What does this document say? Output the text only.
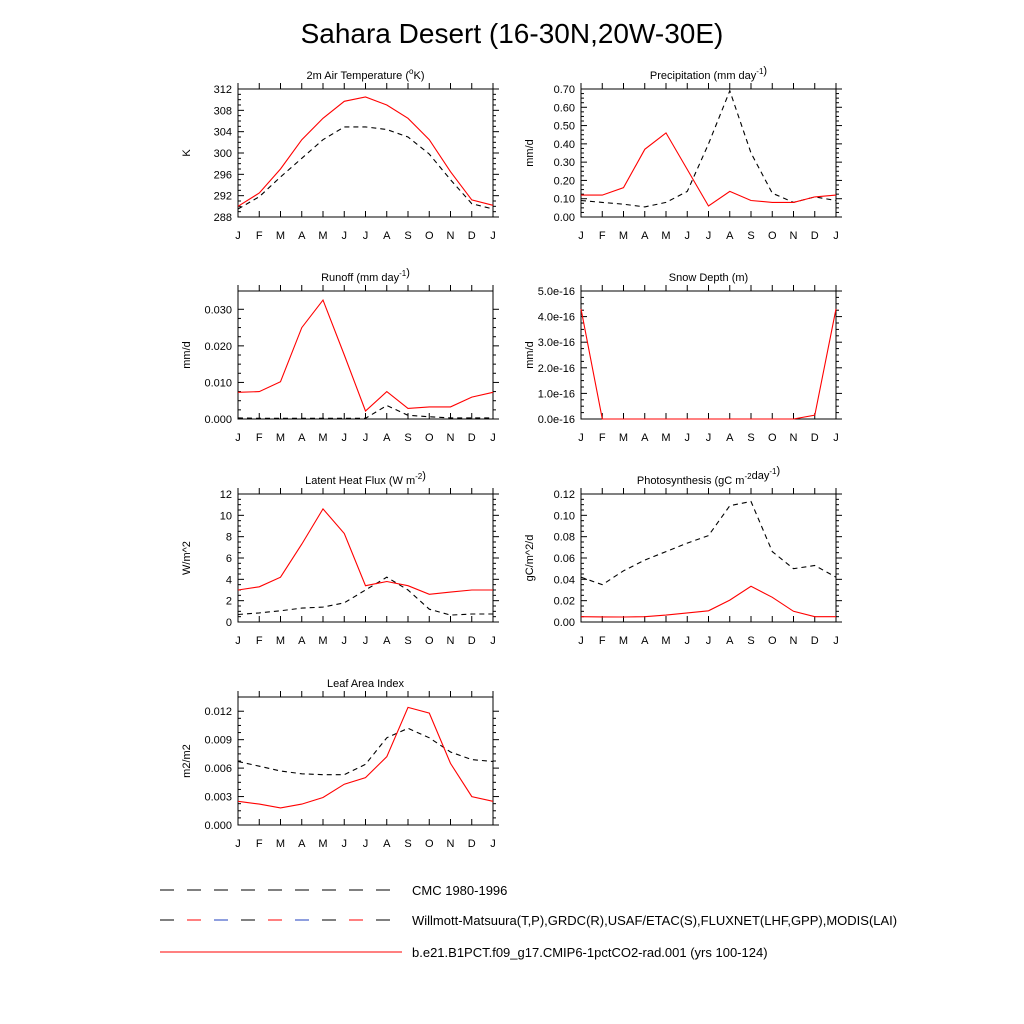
Sahara Desert (16-30N,20W-30E)
J F M A M J J A S O N D J
288
292
296
300
304
308
312
K
2m Air Temperature ($^o$K)
J F M A M J J A S O N D J
0.00
0.10
0.20
0.30
0.40
0.50
0.60
0.70
mm/d
Precipitation (mm day$^{-1}$)
J F M A M J J A S O N D J
0.000
0.010
0.020
0.030
mm/d
Runoff (mm day$^{-1}$)
J F M A M J J A S O N D J
0.0e-16
1.0e-16
2.0e-16
3.0e-16
4.0e-16
5.0e-16
mm/d
Snow Depth (m)
J F M A M J J A S O N D J
0
2
4
6
8
10
12
W/m^2
Latent Heat Flux (W $m^{-2}$)
J F M A M J J A S O N D J
0.00
0.02
0.04
0.06
0.08
0.10
0.12
gC/m^2/d
Photosynthesis (gC $m^{-2}day^{-1}$)
J F M A M J J A S O N D J
0.000
0.003
0.006
0.009
0.012
m2/m2
Leaf Area Index
CMC 1980-1996
Willmott-Matsuura(T,P),GRDC(R),USAF/ETAC(S),FLUXNET(LHF,GPP),MODIS(LAI)
b.e21.B1PCT.f09_g17.CMIP6-1pctCO2-rad.001 (yrs 100-124)
